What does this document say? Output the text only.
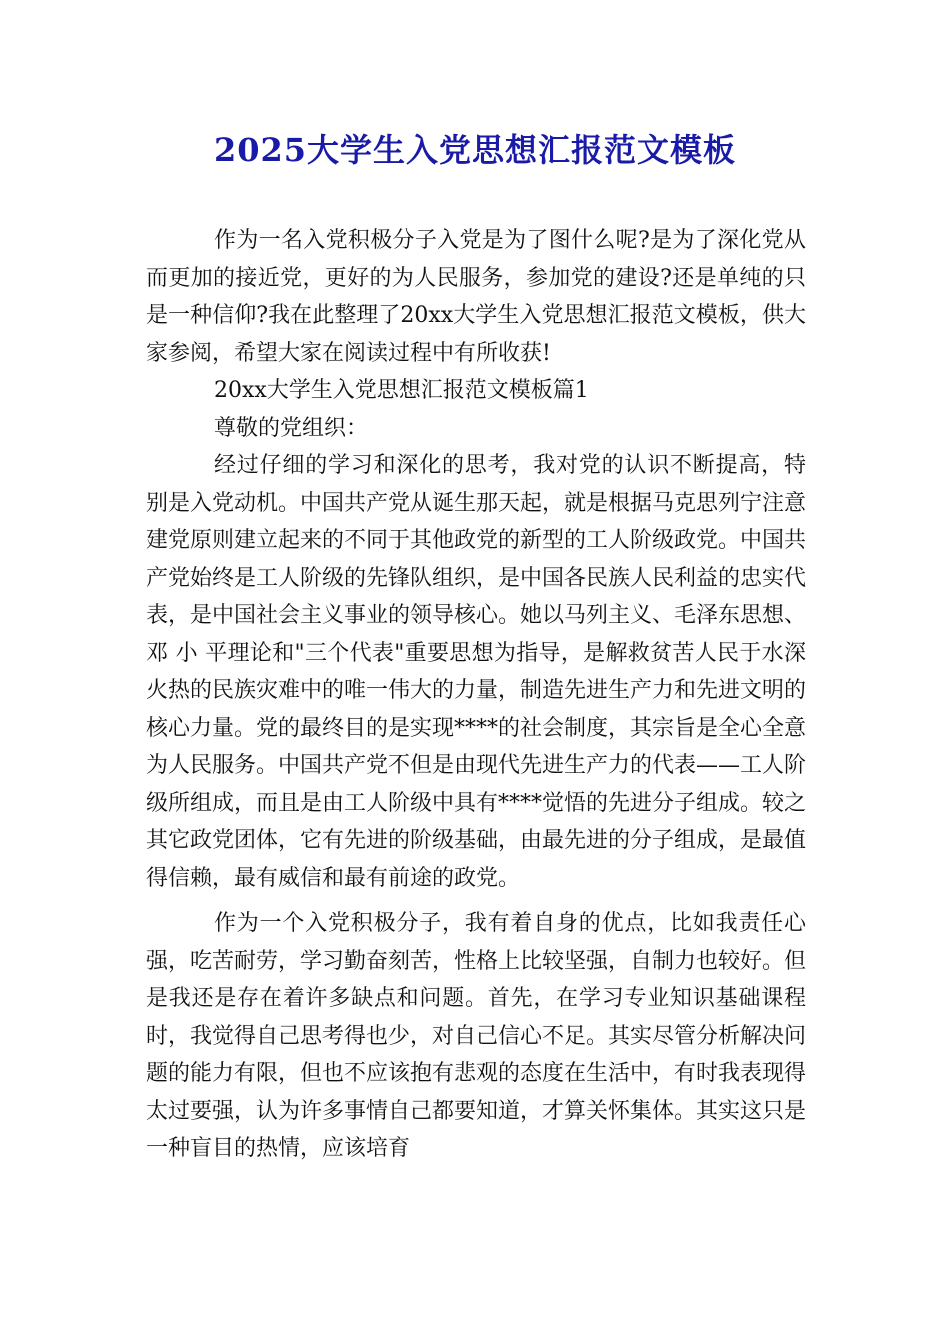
2025大学生入党思想汇报范文模板

作为一名入党积极分子入党是为了图什么呢?是为了深化党从而更加的接近党，更好的为人民服务，参加党的建设?还是单纯的只是一种信仰?我在此整理了20xx大学生入党思想汇报范文模板，供大家参阅，希望大家在阅读过程中有所收获!

20xx大学生入党思想汇报范文模板篇1

尊敬的党组织：

经过仔细的学习和深化的思考，我对党的认识不断提高，特别是入党动机。中国共产党从诞生那天起，就是根据马克思列宁注意建党原则建立起来的不同于其他政党的新型的工人阶级政党。中国共产党始终是工人阶级的先锋队组织，是中国各民族人民利益的忠实代表，是中国社会主义事业的领导核心。她以马列主义、毛泽东思想、邓 小 平理论和"三个代表"重要思想为指导，是解救贫苦人民于水深火热的民族灾难中的唯一伟大的力量，制造先进生产力和先进文明的核心力量。党的最终目的是实现****的社会制度，其宗旨是全心全意为人民服务。中国共产党不但是由现代先进生产力的代表——工人阶级所组成，而且是由工人阶级中具有****觉悟的先进分子组成。较之其它政党团体，它有先进的阶级基础，由最先进的分子组成，是最值得信赖，最有威信和最有前途的政党。

作为一个入党积极分子，我有着自身的优点，比如我责任心强，吃苦耐劳，学习勤奋刻苦，性格上比较坚强，自制力也较好。但是我还是存在着许多缺点和问题。首先，在学习专业知识基础课程时，我觉得自己思考得也少，对自己信心不足。其实尽管分析解决问题的能力有限，但也不应该抱有悲观的态度在生活中，有时我表现得太过要强，认为许多事情自己都要知道，才算关怀集体。其实这只是一种盲目的热情，应该培育
